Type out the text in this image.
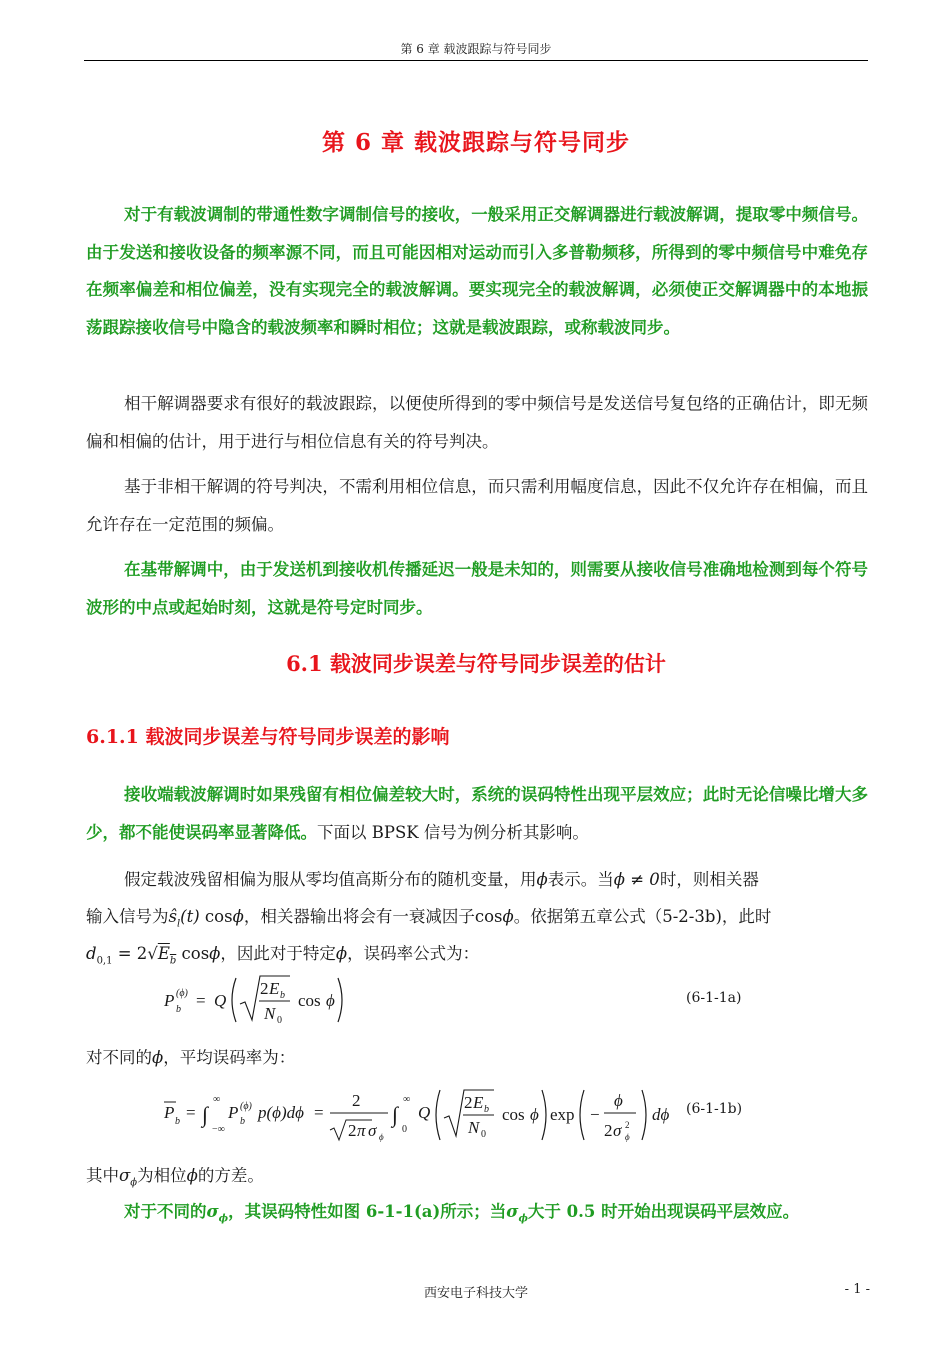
第 6 章 载波跟踪与符号同步
第 6 章 载波跟踪与符号同步
对于有载波调制的带通性数字调制信号的接收，一般采用正交解调器进行载波解调，提取零中频信号。由于发送和接收设备的频率源不同，而且可能因相对运动而引入多普勒频移，所得到的零中频信号中难免存在频率偏差和相位偏差，没有实现完全的载波解调。要实现完全的载波解调，必须使正交解调器中的本地振荡跟踪接收信号中隐含的载波频率和瞬时相位；这就是载波跟踪，或称载波同步。
相干解调器要求有很好的载波跟踪，以便使所得到的零中频信号是发送信号复包络的正确估计，即无频偏和相偏的估计，用于进行与相位信息有关的符号判决。
基于非相干解调的符号判决，不需利用相位信息，而只需利用幅度信息，因此不仅允许存在相偏，而且允许存在一定范围的频偏。
在基带解调中，由于发送机到接收机传播延迟一般是未知的，则需要从接收信号准确地检测到每个符号波形的中点或起始时刻，这就是符号定时同步。
6.1 载波同步误差与符号同步误差的估计
6.1.1 载波同步误差与符号同步误差的影响
接收端载波解调时如果残留有相位偏差较大时，系统的误码特性出现平层效应；此时无论信噪比增大多少，都不能使误码率显著降低。下面以 BPSK 信号为例分析其影响。
假定载波残留相偏为服从零均值高斯分布的随机变量，用ϕ表示。当ϕ ≠ 0时，则相关器
输入信号为$ŝ_l(t)$ cosϕ，相关器输出将会有一衰减因子cosϕ。依据第五章公式（5-2-3b)，此时
$d_{0,1} = 2√E_b$ cosϕ，因此对于特定ϕ，误码率公式为：
P (ϕ)
b = Q
2 E b
N 0
cos ϕ	(6-1-1a)
对不同的ϕ，平均误码率为：
P b = ∫
∞
−∞
P (ϕ)
b p(ϕ)dϕ =
2
2 π σ ϕ
∫
∞
0
Q
2 E b
N 0
cos ϕ exp −
ϕ
2 σ 2
ϕ
dϕ (6-1-1b)
其中$\sigma_\phi$为相位ϕ的方差。
对于不同的$\sigma_\phi$，其误码特性如图 6-1-1(a)所示；当$\sigma_\phi$大于 0.5 时开始出现误码平层效应。
西安电子科技大学	- 1 -
